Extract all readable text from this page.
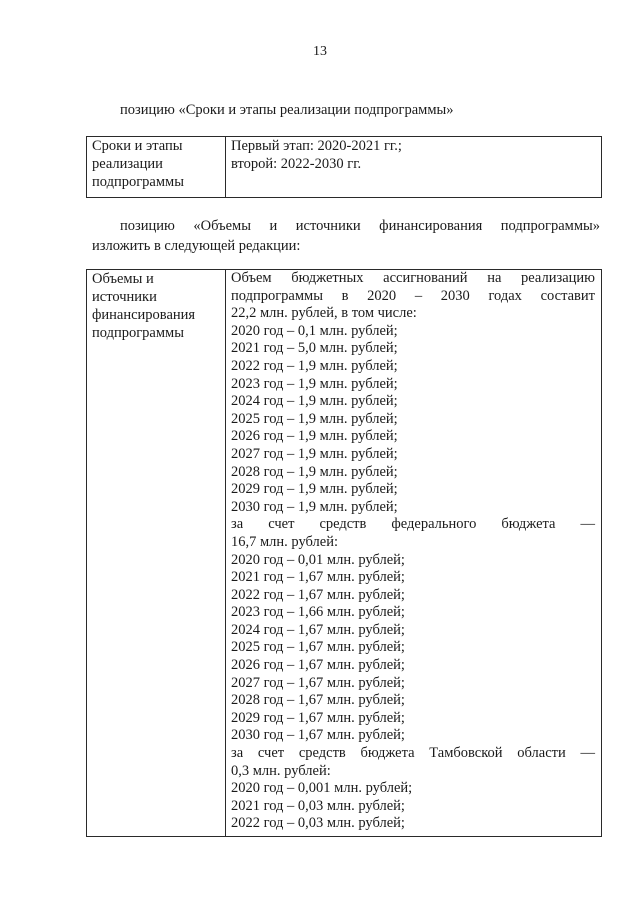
13
позицию «Сроки и этапы реализации подпрограммы»
Сроки и этапы
реализации
подпрограммы

Первый этап: 2020-2021 гг.;
второй: 2022-2030 гг.
позицию «Объемы и источники финансирования подпрограммы»
изложить в следующей редакции:
Объемы и
источники
финансирования
подпрограммы

Объем бюджетных ассигнований на реализацию
подпрограммы в 2020 – 2030 годах составит
22,2 млн. рублей, в том числе:
2020 год – 0,1 млн. рублей;
2021 год – 5,0 млн. рублей;
2022 год – 1,9 млн. рублей;
2023 год – 1,9 млн. рублей;
2024 год – 1,9 млн. рублей;
2025 год – 1,9 млн. рублей;
2026 год – 1,9 млн. рублей;
2027 год – 1,9 млн. рублей;
2028 год – 1,9 млн. рублей;
2029 год – 1,9 млн. рублей;
2030 год – 1,9 млн. рублей;
за счет средств федерального бюджета —
16,7 млн. рублей:
2020 год – 0,01 млн. рублей;
2021 год – 1,67 млн. рублей;
2022 год – 1,67 млн. рублей;
2023 год – 1,66 млн. рублей;
2024 год – 1,67 млн. рублей;
2025 год – 1,67 млн. рублей;
2026 год – 1,67 млн. рублей;
2027 год – 1,67 млн. рублей;
2028 год – 1,67 млн. рублей;
2029 год – 1,67 млн. рублей;
2030 год – 1,67 млн. рублей;
за счет средств бюджета Тамбовской области —
0,3 млн. рублей:
2020 год – 0,001 млн. рублей;
2021 год – 0,03 млн. рублей;
2022 год – 0,03 млн. рублей;
